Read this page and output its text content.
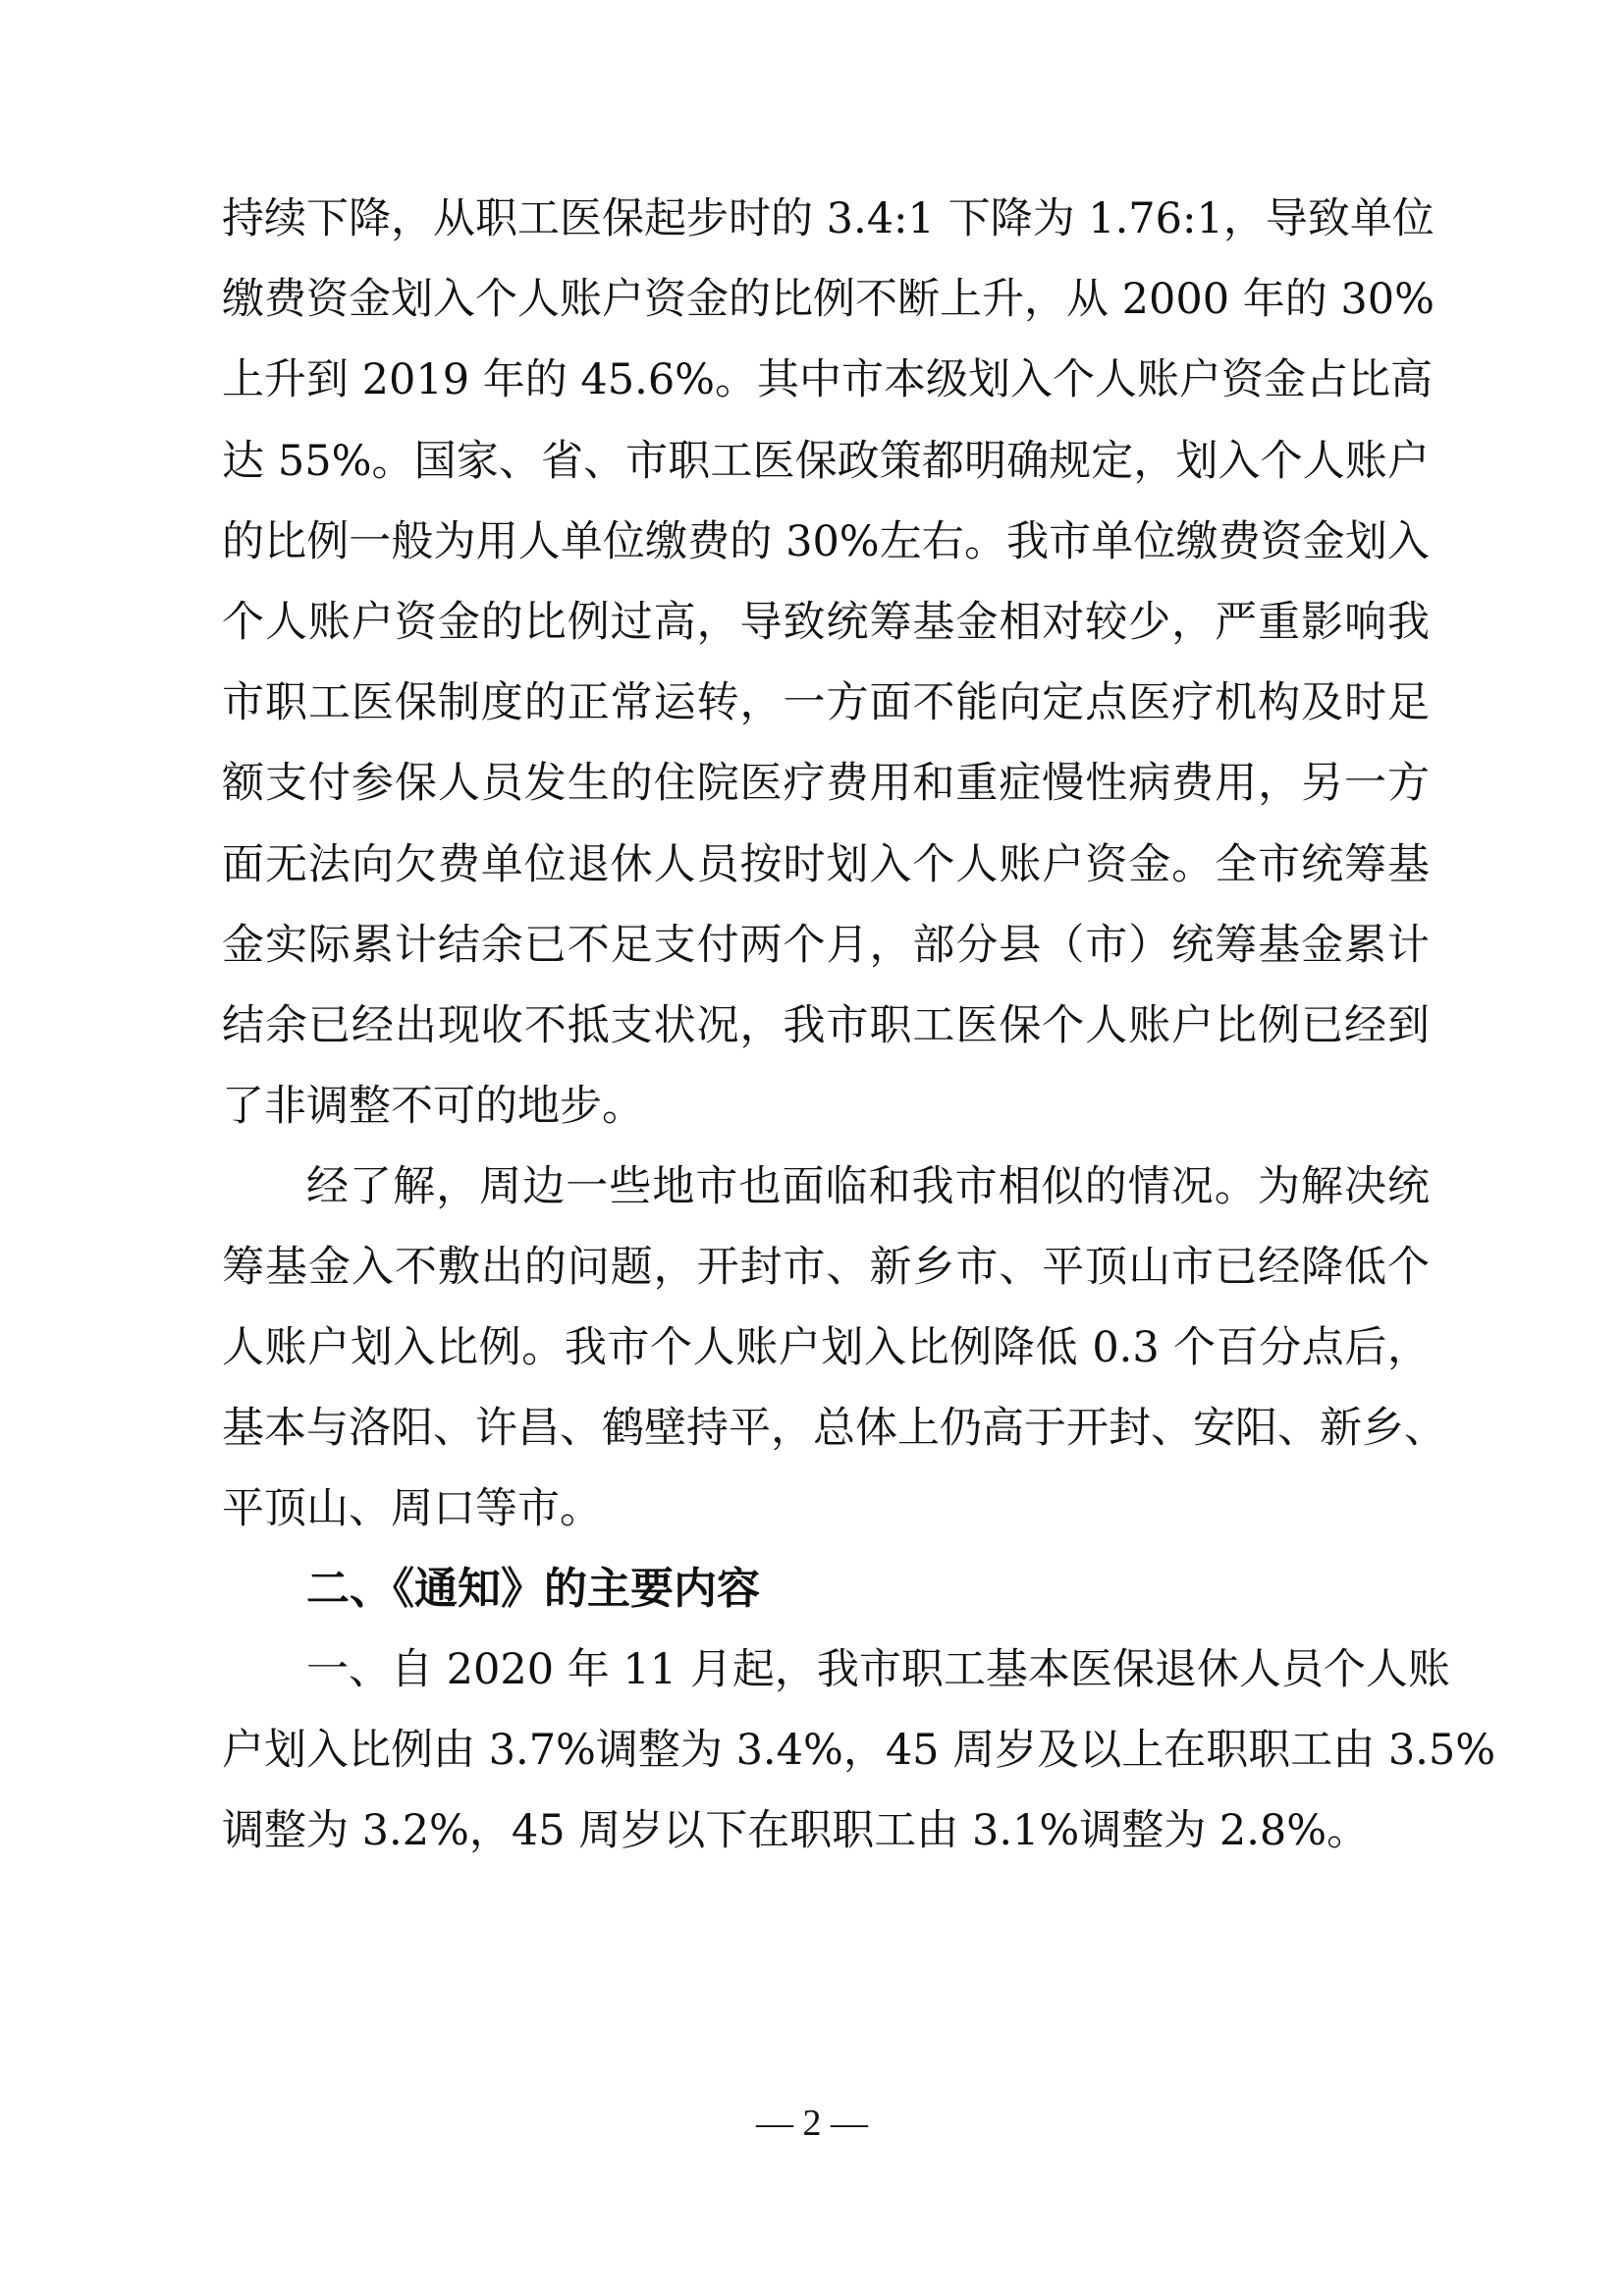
持续下降，从职工医保起步时的 3.4:1 下降为 1.76:1，导致单位
缴费资金划入个人账户资金的比例不断上升，从 2000 年的 30%
上升到 2019 年的 45.6%。其中市本级划入个人账户资金占比高
达 55%。国家、省、市职工医保政策都明确规定，划入个人账户
的比例一般为用人单位缴费的 30%左右。我市单位缴费资金划入
个人账户资金的比例过高，导致统筹基金相对较少，严重影响我
市职工医保制度的正常运转，一方面不能向定点医疗机构及时足
额支付参保人员发生的住院医疗费用和重症慢性病费用，另一方
面无法向欠费单位退休人员按时划入个人账户资金。全市统筹基
金实际累计结余已不足支付两个月，部分县（市）统筹基金累计
结余已经出现收不抵支状况，我市职工医保个人账户比例已经到
了非调整不可的地步。
经了解，周边一些地市也面临和我市相似的情况。为解决统
筹基金入不敷出的问题，开封市、新乡市、平顶山市已经降低个
人账户划入比例。我市个人账户划入比例降低 0.3 个百分点后，
基本与洛阳、许昌、鹤壁持平，总体上仍高于开封、安阳、新乡、
平顶山、周口等市。
二、《通知》的主要内容
一、自 2020 年 11 月起，我市职工基本医保退休人员个人账
户划入比例由 3.7%调整为 3.4%，45 周岁及以上在职职工由 3.5%
调整为 3.2%，45 周岁以下在职职工由 3.1%调整为 2.8%。
— 2 —
